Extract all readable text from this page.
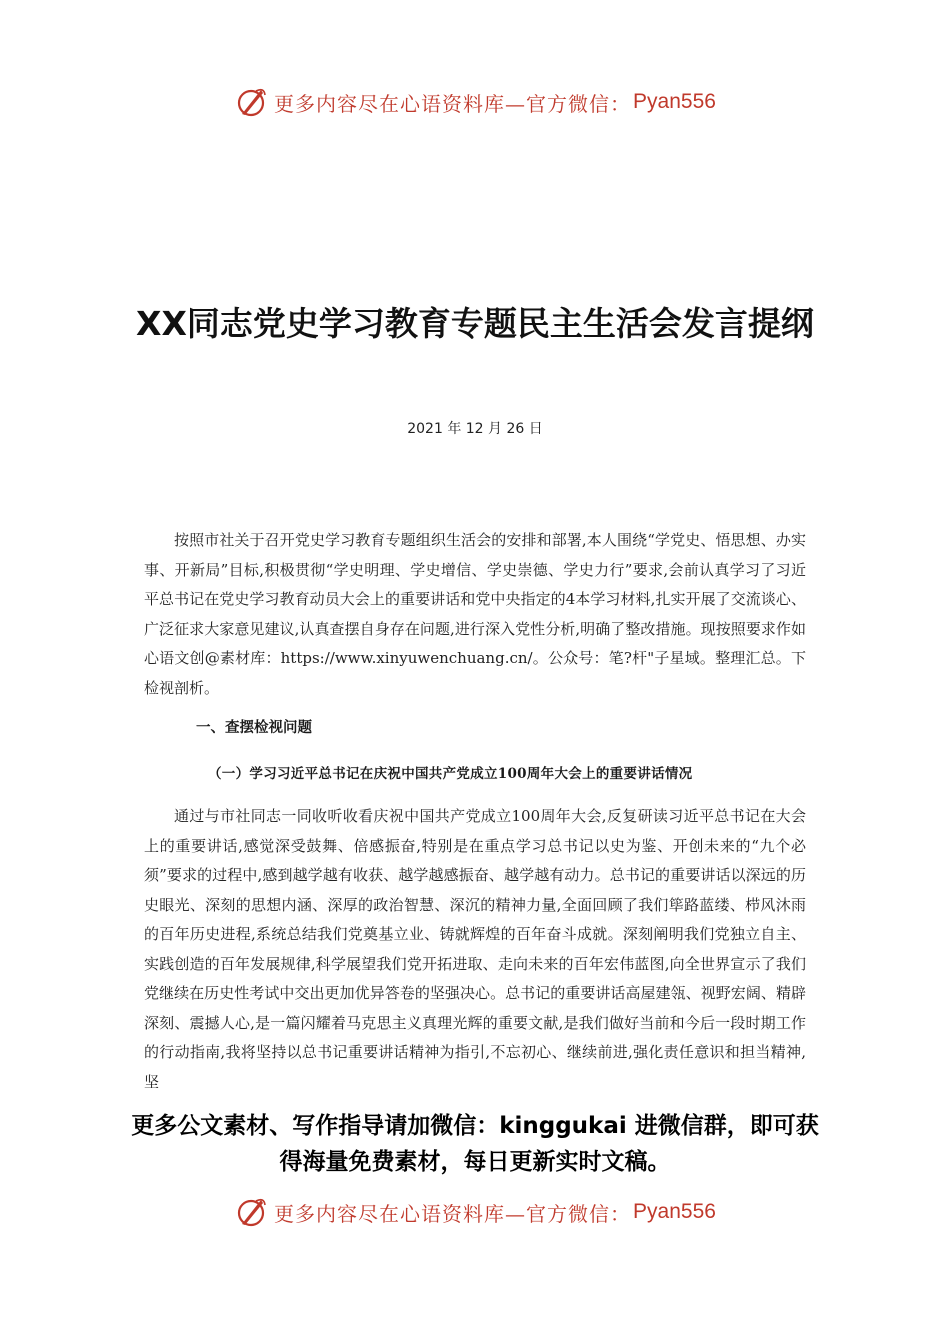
更多内容尽在心语资料库—官方微信： Pyan556
XX同志党史学习教育专题民主生活会发言提纲
2021 年 12 月 26 日

按照市社关于召开党史学习教育专题组织生活会的安排和部署,本人围绕“学党史、悟思想、办实事、开新局”目标,积极贯彻“学史明理、学史增信、学史崇德、学史力行”要求,会前认真学习了习近平总书记在党史学习教育动员大会上的重要讲话和党中央指定的4本学习材料,扎实开展了交流谈心、广泛征求大家意见建议,认真查摆自身存在问题,进行深入党性分析,明确了整改措施。现按照要求作如心语文创@素材库：https://www.xinyuwenchuang.cn/。公众号：笔?杆"子星域。整理汇总。下检视剖析。

一、查摆检视问题
（一）学习习近平总书记在庆祝中国共产党成立100周年大会上的重要讲话情况

通过与市社同志一同收听收看庆祝中国共产党成立100周年大会,反复研读习近平总书记在大会上的重要讲话,感觉深受鼓舞、倍感振奋,特别是在重点学习总书记以史为鉴、开创未来的“九个必须”要求的过程中,感到越学越有收获、越学越感振奋、越学越有动力。总书记的重要讲话以深远的历史眼光、深刻的思想内涵、深厚的政治智慧、深沉的精神力量,全面回顾了我们筚路蓝缕、栉风沐雨的百年历史进程,系统总结我们党奠基立业、铸就辉煌的百年奋斗成就。深刻阐明我们党独立自主、实践创造的百年发展规律,科学展望我们党开拓进取、走向未来的百年宏伟蓝图,向全世界宣示了我们党继续在历史性考试中交出更加优异答卷的坚强决心。总书记的重要讲话高屋建瓴、视野宏阔、精辟深刻、震撼人心,是一篇闪耀着马克思主义真理光辉的重要文献,是我们做好当前和今后一段时期工作的行动指南,我将坚持以总书记重要讲话精神为指引,不忘初心、继续前进,强化责任意识和担当精神,坚

更多公文素材、写作指导请加微信：kinggukai 进微信群，即可获得海量免费素材，每日更新实时文稿。
更多内容尽在心语资料库—官方微信： Pyan556
